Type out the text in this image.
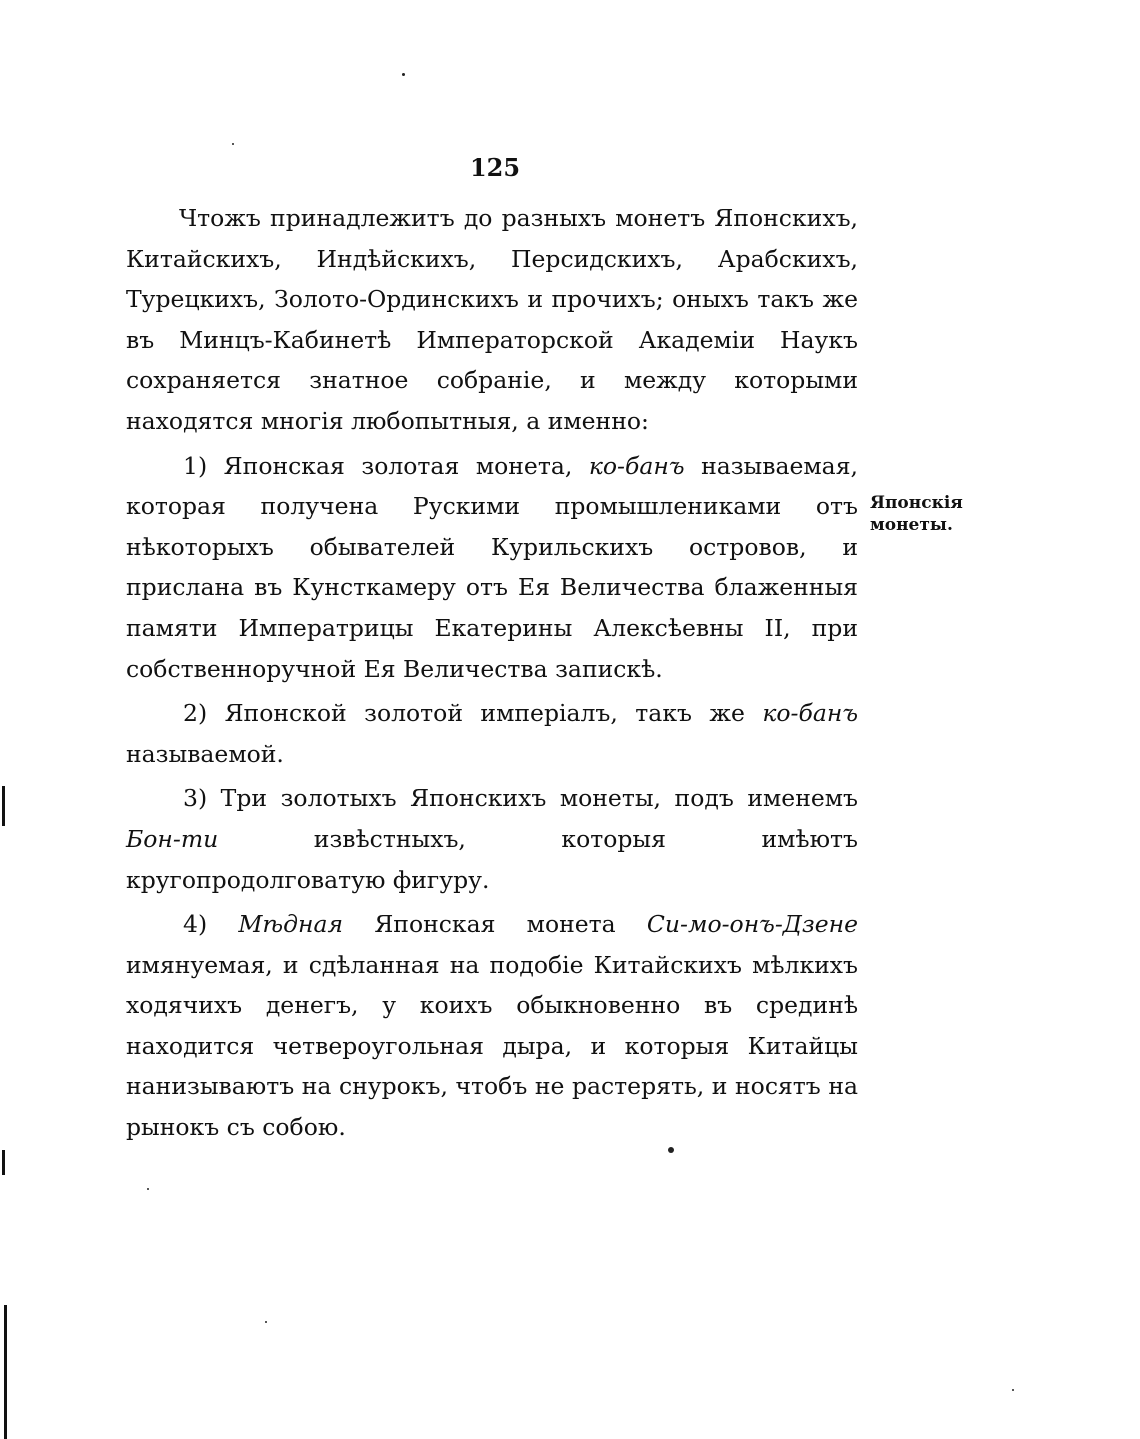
125

Чтожъ принадлежитъ до разныхъ монетъ Японскихъ, Китайскихъ, Индѣйскихъ, Персидскихъ, Арабскихъ, Турецкихъ, Золото-Ординскихъ и прочихъ; оныхъ такъ же въ Минцъ-Кабинетѣ Императорской Академіи Наукъ сохраняется знатное собраніе, и между которыми находятся многія любопытныя, а именно:

1) Японская золотая монета, ко-банъ называемая, которая получена Рускими промышлениками отъ нѣкоторыхъ обывателей Курильскихъ островов, и прислана въ Кунсткамеру отъ Ея Величества блаженныя памяти Императрицы Екатерины Алексѣевны II, при собственноручной Ея Величества запискѣ.

2) Японской золотой имперіалъ, такъ же ко-банъ называемой.

3) Три золотыхъ Японскихъ монеты, подъ именемъ Бон-ти извѣстныхъ, которыя имѣютъ кругопродолговатую фигуру.

4) Мѣдная Японская монета Си-мо-онъ-Дзене имянуемая, и сдѣланная на подобіе Китайскихъ мѣлкихъ ходячихъ денегъ, у коихъ обыкновенно въ срединѣ находится четвероугольная дыра, и которыя Китайцы нанизываютъ на снурокъ, чтобъ не растерять, и носятъ на рынокъ съ собою.

Японскія монеты.
